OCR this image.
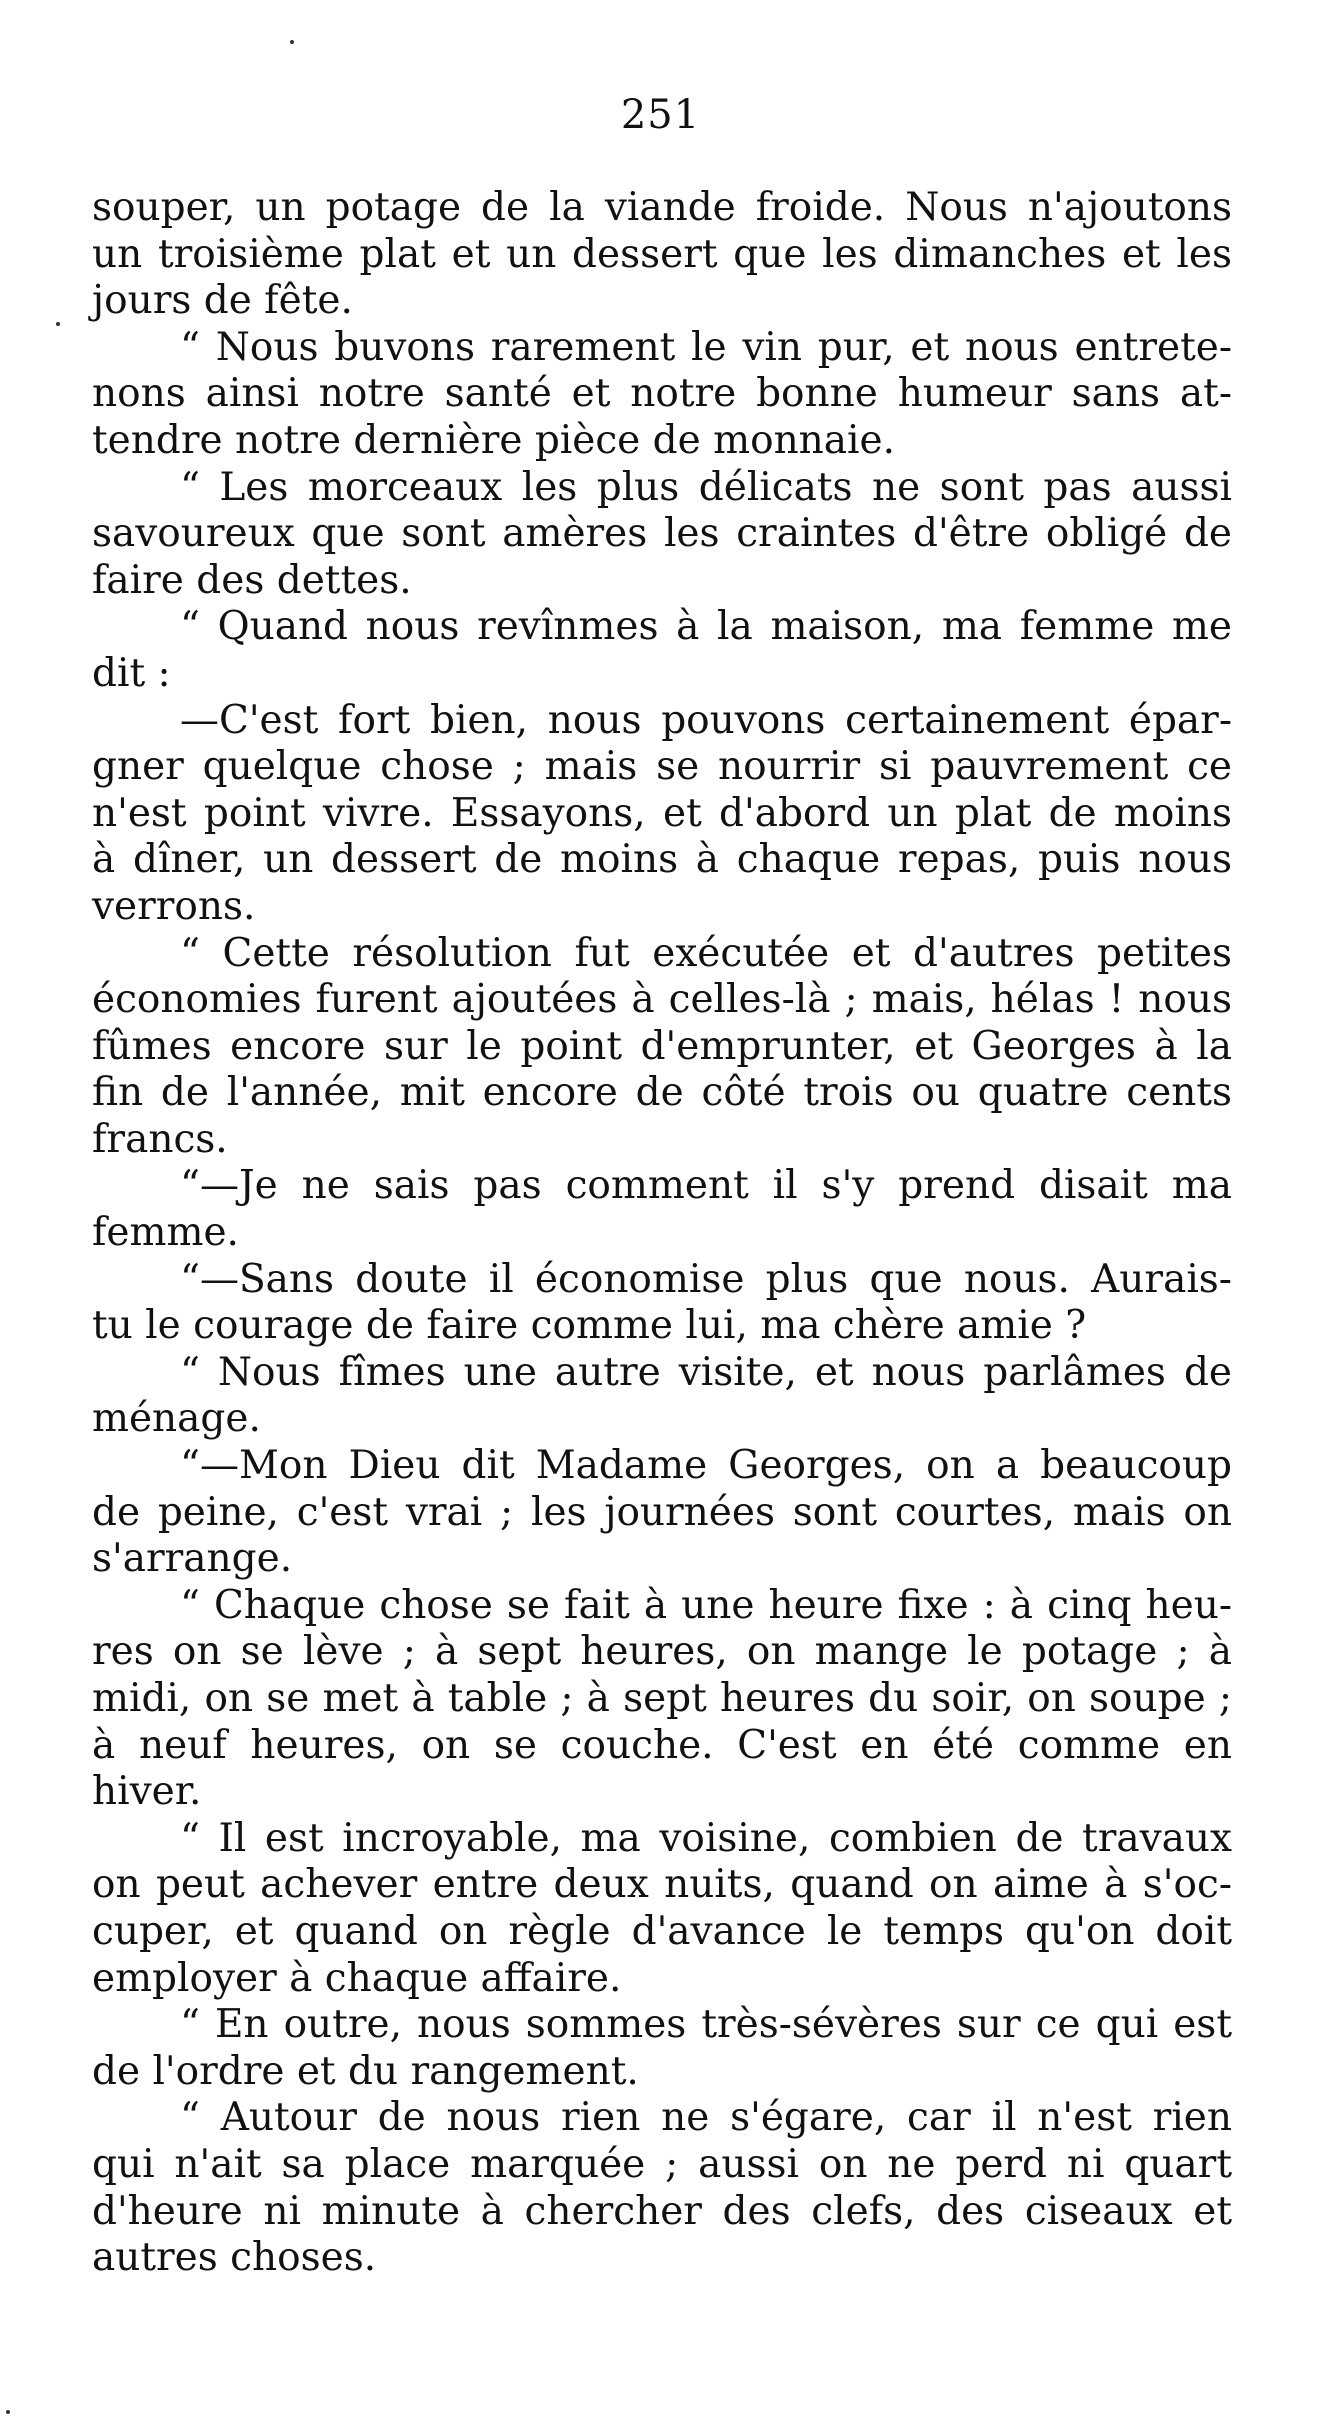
251
souper, un potage de la viande froide. Nous n'ajoutons
un troisième plat et un dessert que les dimanches et les
jours de fête.
“ Nous buvons rarement le vin pur, et nous entrete-
nons ainsi notre santé et notre bonne humeur sans at-
tendre notre dernière pièce de monnaie.
“ Les morceaux les plus délicats ne sont pas aussi
savoureux que sont amères les craintes d'être obligé de
faire des dettes.
“ Quand nous revînmes à la maison, ma femme me
dit :
—C'est fort bien, nous pouvons certainement épar-
gner quelque chose ; mais se nourrir si pauvrement ce
n'est point vivre. Essayons, et d'abord un plat de moins
à dîner, un dessert de moins à chaque repas, puis nous
verrons.
“ Cette résolution fut exécutée et d'autres petites
économies furent ajoutées à celles-là ; mais, hélas ! nous
fûmes encore sur le point d'emprunter, et Georges à la
fin de l'année, mit encore de côté trois ou quatre cents
francs.
“—Je ne sais pas comment il s'y prend disait ma
femme.
“—Sans doute il économise plus que nous. Aurais-
tu le courage de faire comme lui, ma chère amie ?
“ Nous fîmes une autre visite, et nous parlâmes de
ménage.
“—Mon Dieu dit Madame Georges, on a beaucoup
de peine, c'est vrai ; les journées sont courtes, mais on
s'arrange.
“ Chaque chose se fait à une heure fixe : à cinq heu-
res on se lève ; à sept heures, on mange le potage ; à
midi, on se met à table ; à sept heures du soir, on soupe ;
à neuf heures, on se couche. C'est en été comme en
hiver.
“ Il est incroyable, ma voisine, combien de travaux
on peut achever entre deux nuits, quand on aime à s'oc-
cuper, et quand on règle d'avance le temps qu'on doit
employer à chaque affaire.
“ En outre, nous sommes très-sévères sur ce qui est
de l'ordre et du rangement.
“ Autour de nous rien ne s'égare, car il n'est rien
qui n'ait sa place marquée ; aussi on ne perd ni quart
d'heure ni minute à chercher des clefs, des ciseaux et
autres choses.
